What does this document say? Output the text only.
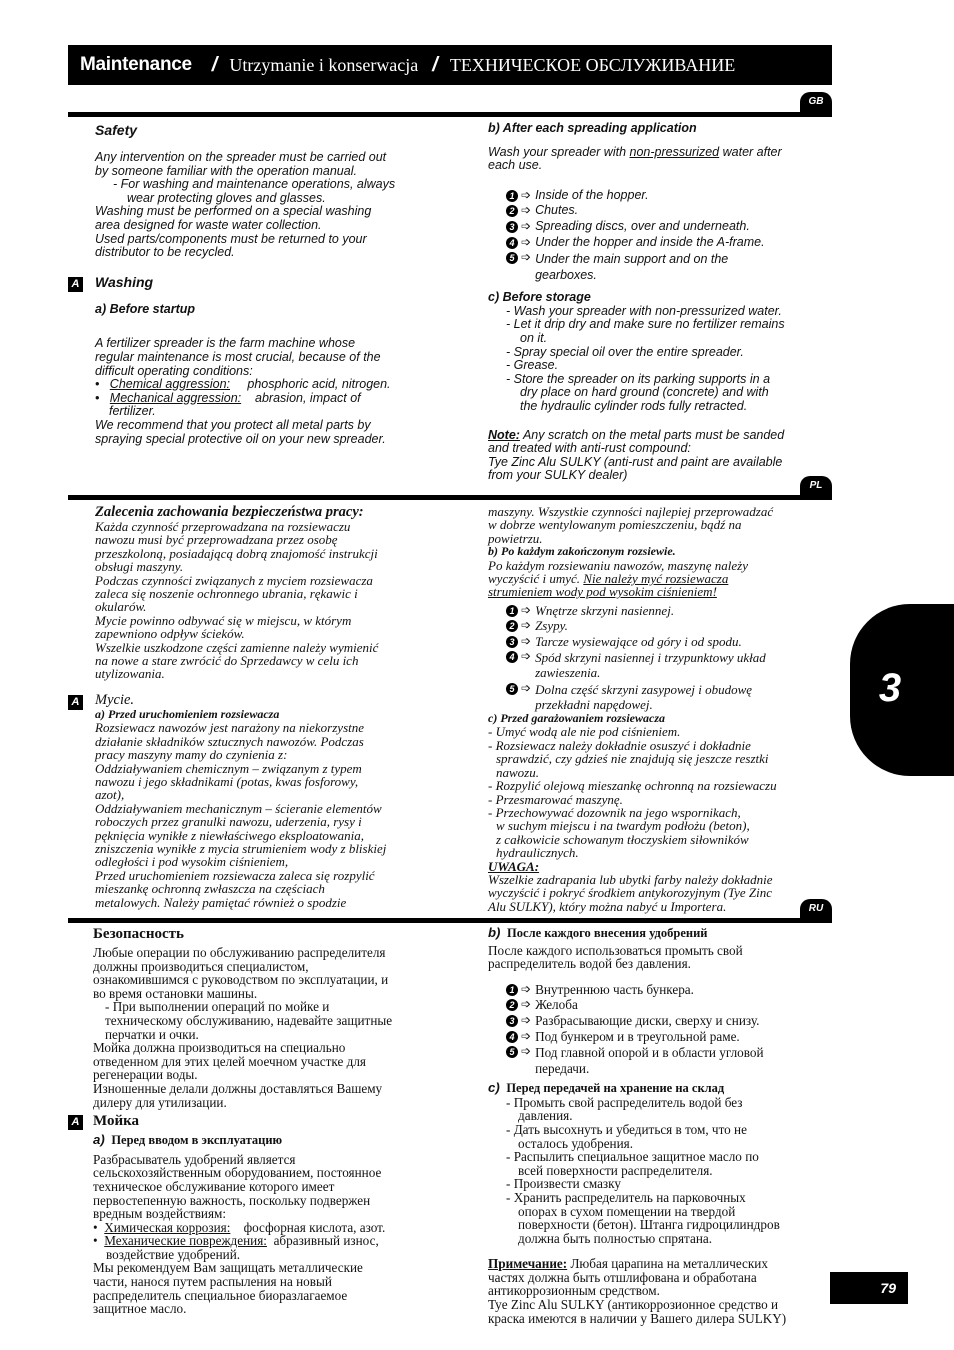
Maintenance / Utrzymanie i konserwacja / ТЕХНИЧЕСКОЕ ОБСЛУЖИВАНИЕ
GB
PL
RU
3
79
A
Safety
Any intervention on the spreader must be carried out
by someone familiar with the operation manual.
- For washing and maintenance operations, always
wear protecting gloves and glasses.
Washing must be performed on a special washing
area designed for waste water collection.
Used parts/components must be returned to your
distributor to be recycled.
Washing
a) Before startup
A fertilizer spreader is the farm machine whose
regular maintenance is most crucial, because of the
difficult operating conditions:
•   Chemical aggression: phosphoric acid, nitrogen.
•   Mechanical aggression: abrasion, impact of
fertilizer.
We recommend that you protect all metal parts by
spraying special protective oil on your new spreader.
b) After each spreading application
Wash your spreader with non-pressurized water after
each use.
1 ➩ Inside of the hopper.
2 ➩ Chutes.
3 ➩ Spreading discs, over and underneath.
4 ➩ Under the hopper and inside the A-frame.
5 ➩ Under the main support and on the
gearboxes.
c) Before storage
- Wash your spreader with non-pressurized water.
- Let it drip dry and make sure no fertilizer remains
on it.
- Spray special oil over the entire spreader.
- Grease.
- Store the spreader on its parking supports in a
dry place on hard ground (concrete) and with
the hydraulic cylinder rods fully retracted.
Note: Any scratch on the metal parts must be sanded
and treated with anti-rust compound:
Tye Zinc Alu SULKY (anti-rust and paint are available
from your SULKY dealer)
A
Zalecenia zachowania bezpieczeństwa pracy:
Każda czynność przeprowadzana na rozsiewaczu
nawozu musi być przeprowadzana przez osobę
przeszkoloną, posiadającą dobrą znajomość instrukcji
obsługi maszyny.
Podczas czynności związanych z myciem rozsiewacza
zaleca się noszenie ochronnego ubrania, rękawic i
okularów.
Mycie powinno odbywać się w miejscu, w którym
zapewniono odpływ ścieków.
Wszelkie uszkodzone części zamienne należy wymienić
na nowe a stare zwrócić do Sprzedawcy w celu ich
utylizowania.
Mycie.
a) Przed uruchomieniem rozsiewacza
Rozsiewacz nawozów jest narażony na niekorzystne
działanie składników sztucznych nawozów. Podczas
pracy maszyny mamy do czynienia z:
Oddziaływaniem chemicznym – związanym z typem
nawozu i jego składnikami (potas, kwas fosforowy,
azot),
Oddziaływaniem mechanicznym – ścieranie elementów
roboczych przez granulki nawozu, uderzenia, rysy i
pęknięcia wynikłe z niewłaściwego eksploatowania,
zniszczenia wynikłe z mycia strumieniem wody z bliskiej
odległości i pod wysokim ciśnieniem,
Przed uruchomieniem rozsiewacza zaleca się rozpylić
mieszankę ochronną zwłaszcza na częściach
metalowych. Należy pamiętać również o spodzie
maszyny. Wszystkie czynności najlepiej przeprowadzać
w dobrze wentylowanym pomieszczeniu, bądź na
powietrzu.
b) Po każdym zakończonym rozsiewie.
Po każdym rozsiewaniu nawozów, maszynę należy
wyczyścić i umyć. Nie należy myć rozsiewacza
strumieniem wody pod wysokim ciśnieniem!
1 ➩ Wnętrze skrzyni nasiennej.
2 ➩ Zsypy.
3 ➩ Tarcze wysiewające od góry i od spodu.
4 ➩ Spód skrzyni nasiennej i trzypunktowy układ
zawieszenia.
5 ➩ Dolna część skrzyni zasypowej i obudowę
przekładni napędowej.
c) Przed garażowaniem rozsiewacza
- Umyć wodą ale nie pod ciśnieniem.
- Rozsiewacz należy dokładnie osuszyć i dokładnie
sprawdzić, czy gdzieś nie znajdują się jeszcze resztki
nawozu.
- Rozpylić olejową mieszankę ochronną na rozsiewaczu
- Przesmarować maszynę.
- Przechowywać dozownik na jego wspornikach,
w suchym miejscu i na twardym podłożu (beton),
z całkowicie schowanym tłoczyskiem siłowników
hydraulicznych.
UWAGA:
Wszelkie zadrapania lub ubytki farby należy dokładnie
wyczyścić i pokryć środkiem antykorozyjnym (Tye Zinc
Alu SULKY), który można nabyć u Importera.
A
Безопасность
Любые операции по обслуживанию распределителя
должны производиться специалистом,
ознакомившимся с руководством по эксплуатации, и
во время остановки машины.
- При выполнении операций по мойке и
техническому обслуживанию, надевайте защитные
перчатки и очки.
Мойка должна производиться на специально
отведенном для этих целей моечном участке для
регенерации воды.
Изношенные делали должны доставляться Вашему
дилеру для утилизации.
Мойка
a) Перед вводом в эксплуатацию
Разбрасыватель удобрений является
сельскохозяйственным оборудованием, постоянное
техническое обслуживание которого имеет
первостепенную важность, поскольку подвержен
вредным воздействиям:
•  Химическая коррозия: фосфорная кислота, азот.
•  Механические повреждения: абразивный износ,
воздействие удобрений.
Мы рекомендуем Вам защищать металлические
части, нанося путем распыления на новый
распределитель специальное биоразлагаемое
защитное масло.
b) После каждого внесения удобрений
После каждого использоваться промыть свой
распределитель водой без давления.
1 ➩ Внутреннюю часть бункера.
2 ➩ Желоба
3 ➩ Разбрасывающие диски, сверху и снизу.
4 ➩ Под бункером и в треугольной раме.
5 ➩ Под главной опорой и в области угловой
передачи.
c) Перед передачей на хранение на склад
- Промыть свой распределитель водой без
давления.
- Дать высохнуть и убедиться в том, что не
осталось удобрения.
- Распылить специальное защитное масло по
всей поверхности распределителя.
- Произвести смазку
- Хранить распределитель на парковочных
опорах в сухом помещении на твердой
поверхности (бетон). Штанга гидроцилиндров
должна быть полностью спрятана.
Примечание: Любая царапина на металлических
частях должна быть отшлифована и обработана
антикоррозионным средством.
Tye Zinc Alu SULKY (антикоррозионное средство и
краска имеются в наличии у Вашего дилера SULKY)
